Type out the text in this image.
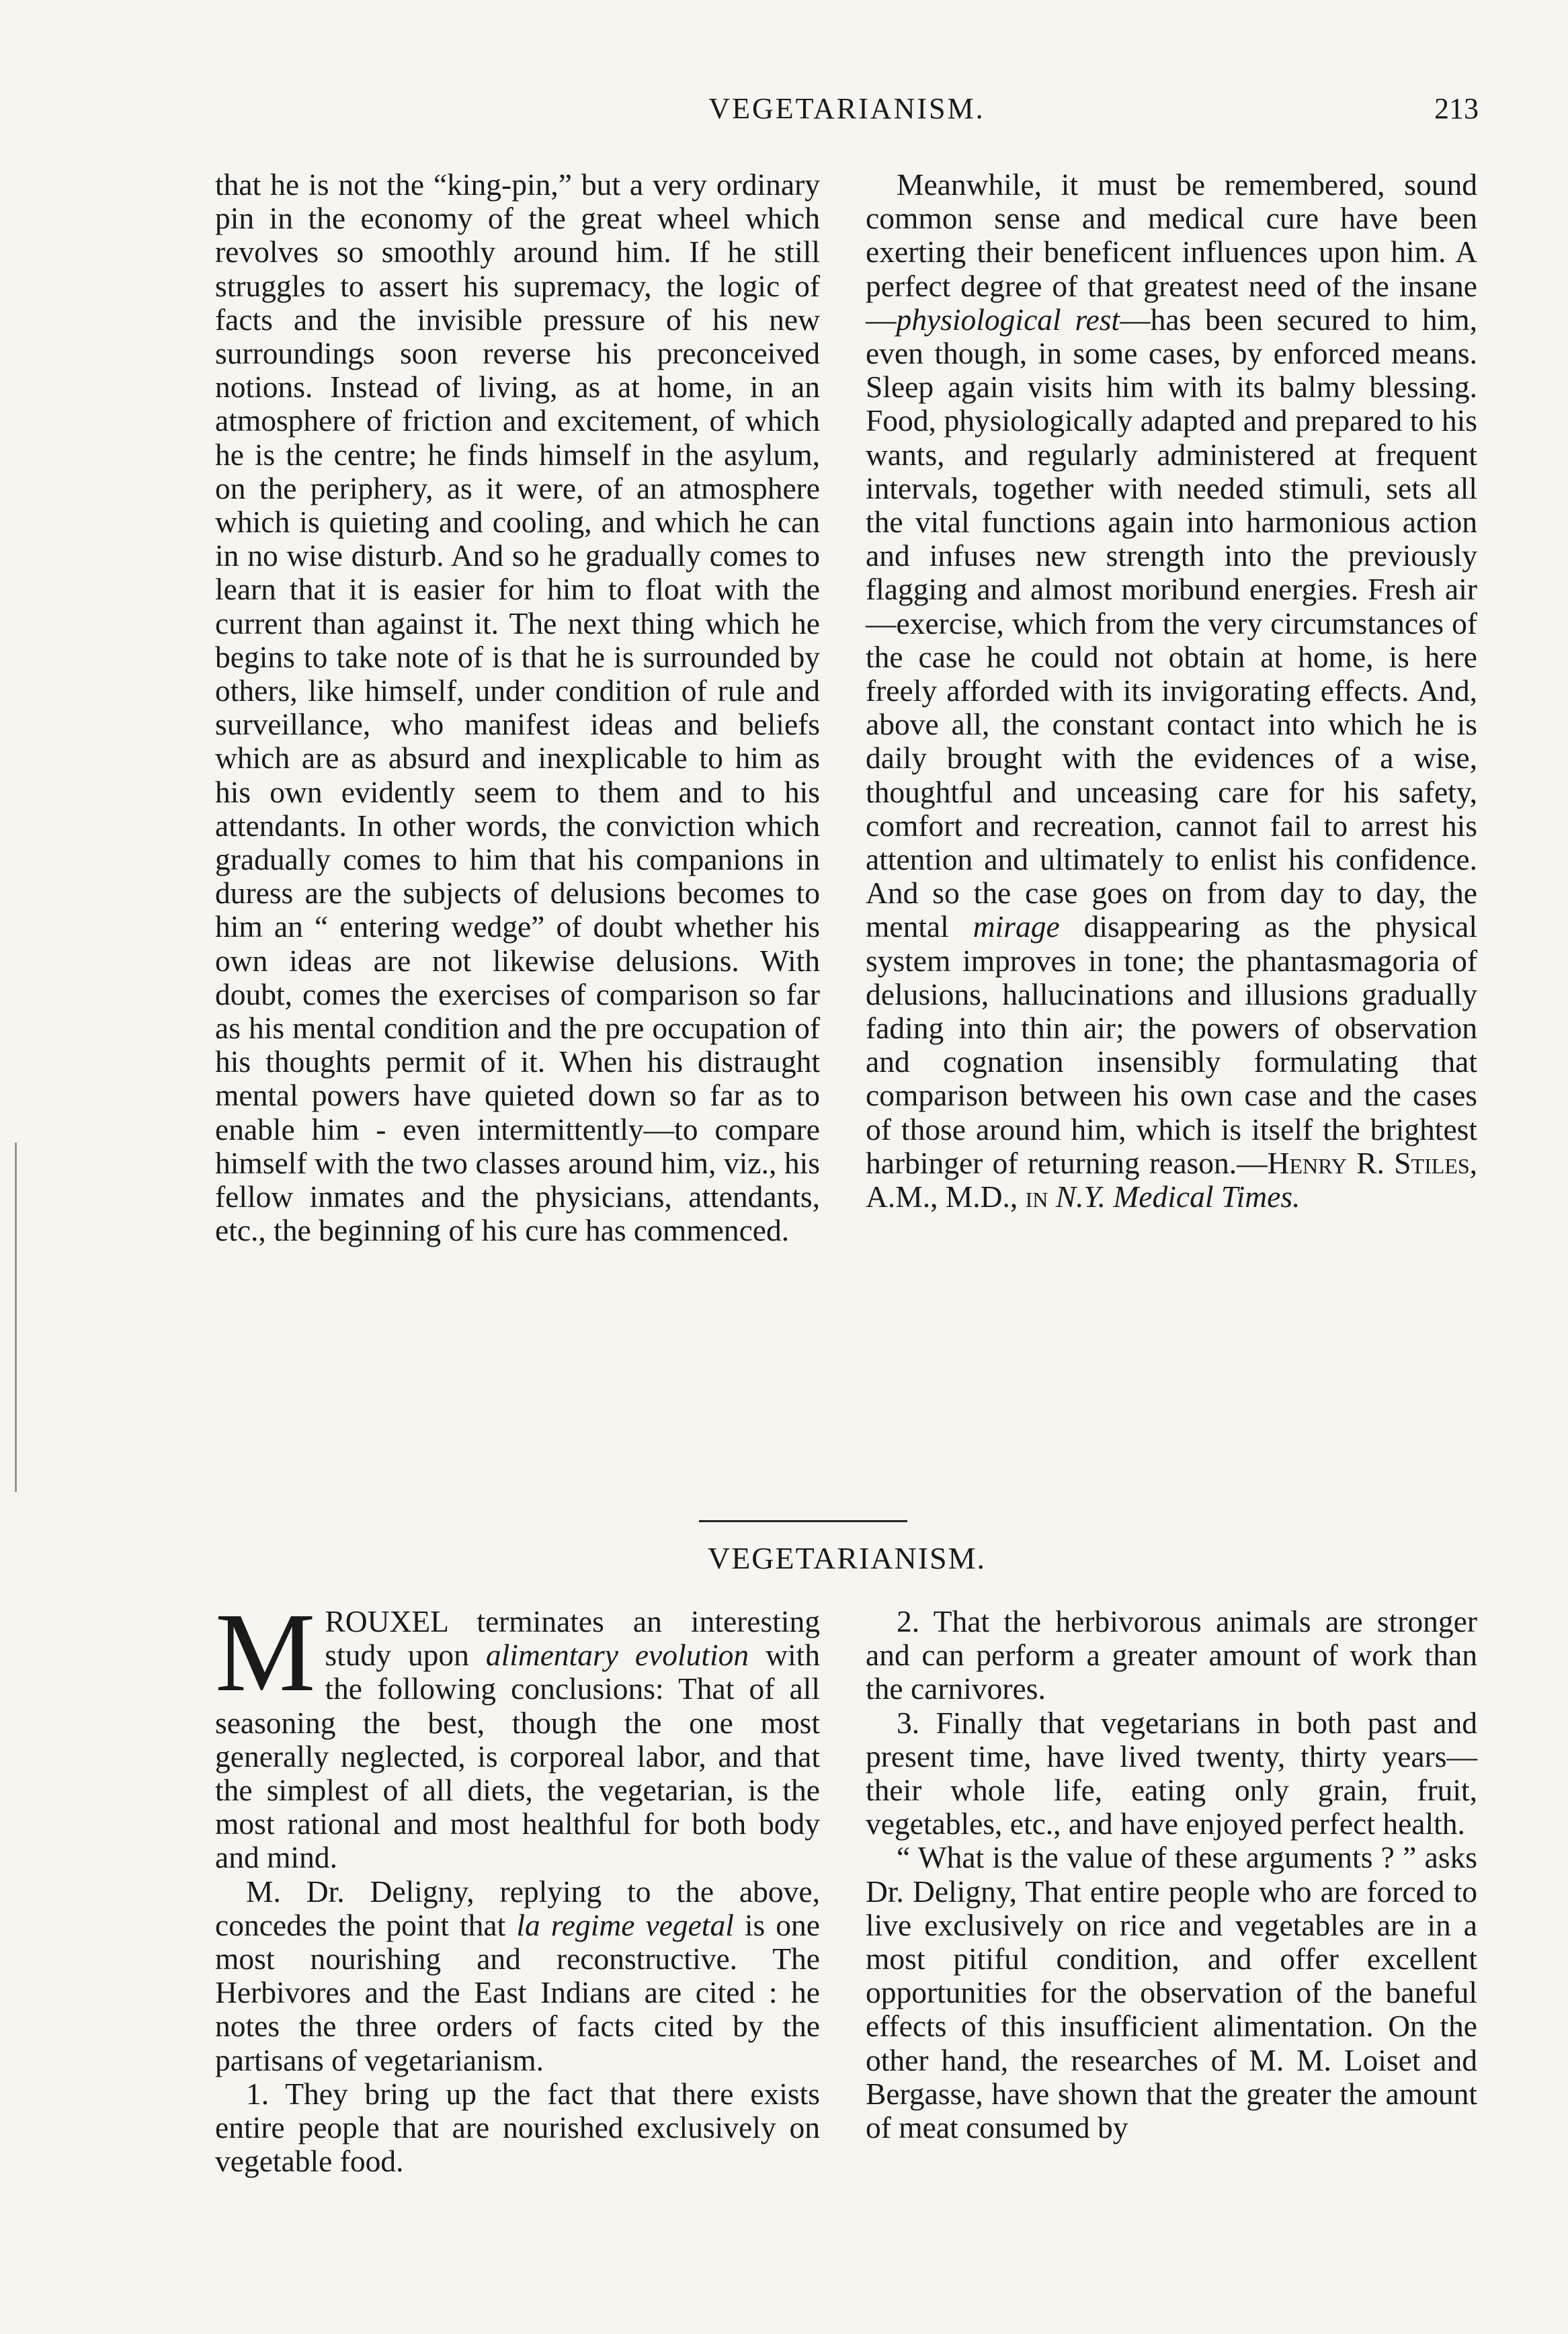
VEGETARIANISM.	213

that he is not the “king-pin,” but a very ordinary pin in the economy of the great wheel which revolves so smoothly around him. If he still struggles to assert his supremacy, the logic of facts and the invisible pressure of his new surroundings soon reverse his preconceived notions. Instead of living, as at home, in an atmosphere of friction and excitement, of which he is the centre; he finds himself in the asylum, on the periphery, as it were, of an atmosphere which is quieting and cooling, and which he can in no wise disturb. And so he gradually comes to learn that it is easier for him to float with the current than against it. The next thing which he begins to take note of is that he is surrounded by others, like himself, under condition of rule and surveillance, who manifest ideas and beliefs which are as absurd and inexplicable to him as his own evidently seem to them and to his attendants. In other words, the conviction which gradually comes to him that his companions in duress are the subjects of delusions becomes to him an “ entering wedge” of doubt whether his own ideas are not likewise delusions. With doubt, comes the exercises of comparison so far as his mental condition and the pre occupation of his thoughts permit of it. When his distraught mental powers have quieted down so far as to enable him - even intermittently—to compare himself with the two classes around him, viz., his fellow inmates and the physicians, attendants, etc., the beginning of his cure has commenced.

Meanwhile, it must be remembered, sound common sense and medical cure have been exerting their beneficent influences upon him. A perfect degree of that greatest need of the insane—physiological rest—has been secured to him, even though, in some cases, by enforced means. Sleep again visits him with its balmy blessing. Food, physiologically adapted and prepared to his wants, and regularly administered at frequent intervals, together with needed stimuli, sets all the vital functions again into harmonious action and infuses new strength into the previously flagging and almost moribund energies. Fresh air—exercise, which from the very circumstances of the case he could not obtain at home, is here freely afforded with its invigorating effects. And, above all, the constant contact into which he is daily brought with the evidences of a wise, thoughtful and unceasing care for his safety, comfort and recreation, cannot fail to arrest his attention and ultimately to enlist his confidence. And so the case goes on from day to day, the mental mirage disappearing as the physical system improves in tone; the phantasmagoria of delusions, hallucinations and illusions gradually fading into thin air; the powers of observation and cognation insensibly formulating that comparison between his own case and the cases of those around him, which is itself the brightest harbinger of returning reason.—Henry R. Stiles, A.M., M.D., in N.Y. Medical Times.

VEGETARIANISM.

MROUXEL terminates an interesting study upon alimentary evolution with the following conclusions: That of all seasoning the best, though the one most generally neglected, is corporeal labor, and that the simplest of all diets, the vegetarian, is the most rational and most healthful for both body and mind.

M. Dr. Deligny, replying to the above, concedes the point that la regime vegetal is one most nourishing and reconstructive. The Herbivores and the East Indians are cited : he notes the three orders of facts cited by the partisans of vegetarianism.

1. They bring up the fact that there exists entire people that are nourished exclusively on vegetable food.

2. That the herbivorous animals are stronger and can perform a greater amount of work than the carnivores.

3. Finally that vegetarians in both past and present time, have lived twenty, thirty years—their whole life, eating only grain, fruit, vegetables, etc., and have enjoyed perfect health.

“ What is the value of these arguments ? ” asks Dr. Deligny, That entire people who are forced to live exclusively on rice and vegetables are in a most pitiful condition, and offer excellent opportunities for the observation of the baneful effects of this insufficient alimentation. On the other hand, the researches of M. M. Loiset and Bergasse, have shown that the greater the amount of meat consumed by
